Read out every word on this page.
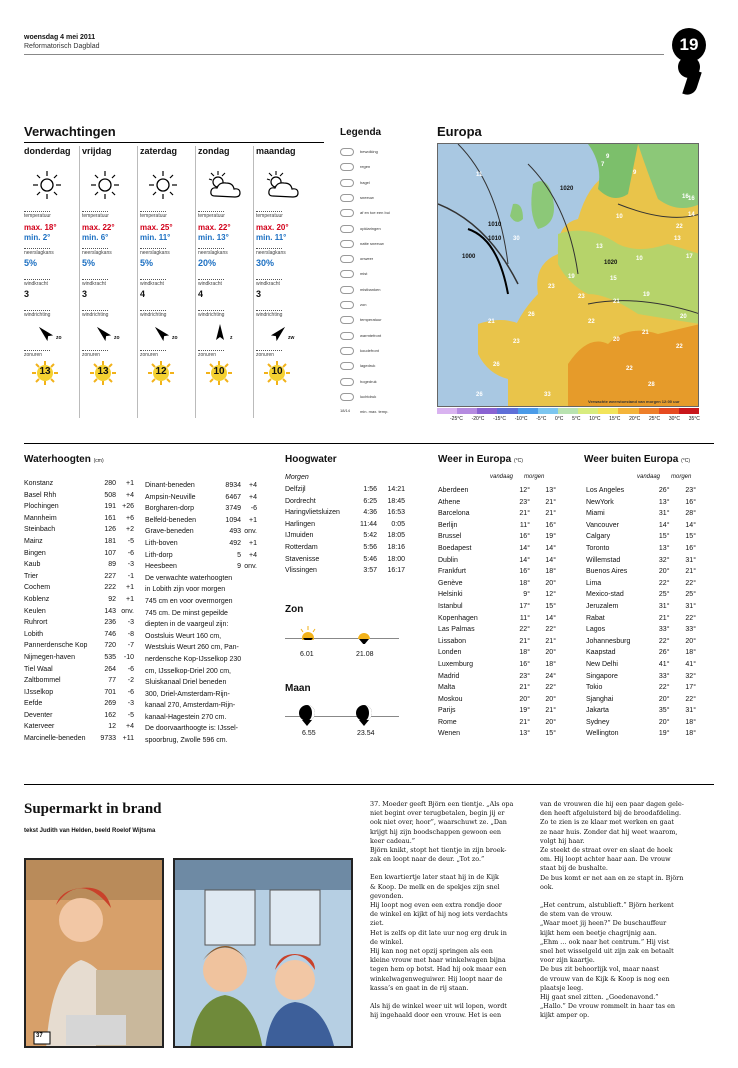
woensdag 4 mei 2011
Reformatorisch Dagblad	19
Verwachtingen
donderdag
temperatuur
max. 18°
min. 2°
neerslagkans
5%
windkracht
3
windrichting
zo
zonuren
13
vrijdag
temperatuur
max. 22°
min. 6°
neerslagkans
5%
windkracht
3
windrichting
zo
zonuren
13
zaterdag
temperatuur
max. 25°
min. 11°
neerslagkans
5%
windkracht
4
windrichting
zo
zonuren
12
zondag
temperatuur
max. 22°
min. 13°
neerslagkans
20%
windkracht
4
windrichting
z
zonuren
10
maandag
temperatuur
max. 20°
min. 11°
neerslagkans
30%
windkracht
3
windrichting
zw
zonuren
10
Legenda
bewolking
regen
hagel
sneeuw
af en toe een bui
opklaringen
natte sneeuw
onweer
mist
mistbanken
zon
temperatuur
warmtefront
koudefront
lagedruk
hogedruk
luchtdruk
18/14 min. max. temp.
Europa
9
7
11	9
16
10	14
22
13
17
10
30
16
13
21
19
23
15
19
26
23
21
22
20
21
20
23
26
22
28
33
26
22
1020
1010
1010
1000
1020
Verwachte weerstoestand van morgen 12:00 uur
-25°C -20°C -15°C -10°C -5°C 0°C 5°C 10°C 15°C 20°C 25°C 30°C 35°C
Waterhoogten (cm)
Konstanz	280	+1
Basel Rhh	508	+4
Plochingen	191	+26
Mannheim	161	+6
Steinbach	126	+2
Mainz	181	-5
Bingen	107	-6
Kaub	89	-3
Trier	227	-1
Cochem	222	+1
Koblenz	92	+1
Keulen	143	onv.
Ruhrort	236	-3
Lobith	746	-8
Pannerdensche Kop	720	-7
Nijmegen-haven	535	-10
Tiel Waal	264	-6
Zaltbommel	77	-2
IJsselkop	701	-6
Eefde	269	-3
Deventer	162	-5
Katerveer	12	+4
Marcinelle-beneden	9733	+11
Dinant-beneden	8934	+4
Ampsin-Neuville	6467	+4
Borgharen-dorp	3749	-6
Belfeld-beneden	1094	+1
Grave-beneden	493	onv.
Lith-boven	492	+1
Lith-dorp	5	+4
Heesbeen	9	onv.
De verwachte waterhoogten
in Lobith zijn voor morgen
745 cm en voor overmorgen
745 cm. De minst gepeilde
diepten in de vaargeul zijn:
Oostsluis Weurt 160 cm,
Westsluis Weurt 260 cm, Pan-
nerdensche Kop-IJsselkop 230
cm, IJsselkop-Driel 200 cm,
Sluiskanaal Driel beneden
300, Driel-Amsterdam-Rijn-
kanaal 270, Amsterdam-Rijn-
kanaal-Hagestein 270 cm.
De doorvaarthoogte is: IJssel-
spoorbrug, Zwolle 596 cm.
Hoogwater
Morgen
Delfzijl	1:56	14:21
Dordrecht	6:25	18:45
Haringvlietsluizen	4:36	16:53
Harlingen	11:44	0:05
IJmuiden	5:42	18:05
Rotterdam	5:56	18:16
Stavenisse	5:46	18:00
Vlissingen	3:57	16:17
Zon
6.01	21.08
Maan
6.55	23.54
Weer in Europa (°C)
vandaag morgen
Aberdeen	12°	13°
Athene	23°	21°
Barcelona	21°	21°
Berlijn	11°	16°
Brussel	16°	19°
Boedapest	14°	14°
Dublin	14°	14°
Frankfurt	16°	18°
Genève	18°	20°
Helsinki	9°	12°
Istanbul	17°	15°
Kopenhagen	11°	14°
Las Palmas	22°	22°
Lissabon	21°	21°
Londen	18°	20°
Luxemburg	16°	18°
Madrid	23°	24°
Malta	21°	22°
Moskou	20°	20°
Parijs	19°	21°
Rome	21°	20°
Wenen	13°	15°
Weer buiten Europa (°C)
vandaag morgen
Los Angeles	26°	23°
NewYork	13°	16°
Miami	31°	28°
Vancouver	14°	14°
Calgary	15°	15°
Toronto	13°	16°
Willemstad	32°	31°
Buenos Aires	20°	21°
Lima	22°	22°
Mexico-stad	25°	25°
Jeruzalem	31°	31°
Rabat	21°	22°
Lagos	33°	33°
Johannesburg	22°	20°
Kaapstad	26°	18°
New Delhi	41°	41°
Singapore	33°	32°
Tokio	22°	17°
Sjanghai	20°	22°
Jakarta	35°	31°
Sydney	20°	18°
Wellington	19°	18°
Supermarkt in brand
tekst Judith van Helden, beeld Roelof Wijtsma
37

37. Moeder geeft Björn een tientje. „Als opa

niet begint over terugbetalen, begin jij er

ook niet over, hoor”, waarschuwt ze. „Dan

krijgt hij zijn boodschappen gewoon een

keer cadeau.”

Björn knikt, stopt het tientje in zijn broek-

zak en loopt naar de deur. „Tot zo.”

Een kwartiertje later staat hij in de Kijk

& Koop. De melk en de spekjes zijn snel

gevonden.

Hij loopt nog even een extra rondje door

de winkel en kijkt of hij nog iets verdachts

ziet.

Het is zelfs op dit late uur nog erg druk in

de winkel.

Hij kan nog net opzij springen als een

kleine vrouw met haar winkelwagen bijna

tegen hem op botst. Had hij ook maar een

winkelwagenweguiwer. Hij loopt naar de

kassa’s en gaat in de rij staan.

Als hij de winkel weer uit wil lopen, wordt

hij ingehaald door een vrouw. Het is een

van de vrouwen die hij een paar dagen gele-

den heeft afgeluisterd bij de broodafdeling.

Zo te zien is ze klaar met werken en gaat

ze naar huis. Zonder dat hij weet waarom,

volgt hij haar.

Ze steekt de straat over en slaat de hoek

om. Hij loopt achter haar aan. De vrouw

staat bij de bushalte.

De bus komt er net aan en ze stapt in. Björn

ook.

„Het centrum, alstublieft.” Björn herkent

de stem van de vrouw.

„Waar moet jij heen?” De buschauffeur

kijkt hem een beetje chagrijnig aan.

„Ehm … ook naar het centrum.” Hij vist

snel het wisselgeld uit zijn zak en betaalt

voor zijn kaartje.

De bus zit behoorlijk vol, maar naast

de vrouw van de Kijk & Koop is nog een

plaatsje leeg.

Hij gaat snel zitten. „Goedenavond.”

„Hallo.” De vrouw rommelt in haar tas en

kijkt amper op.
